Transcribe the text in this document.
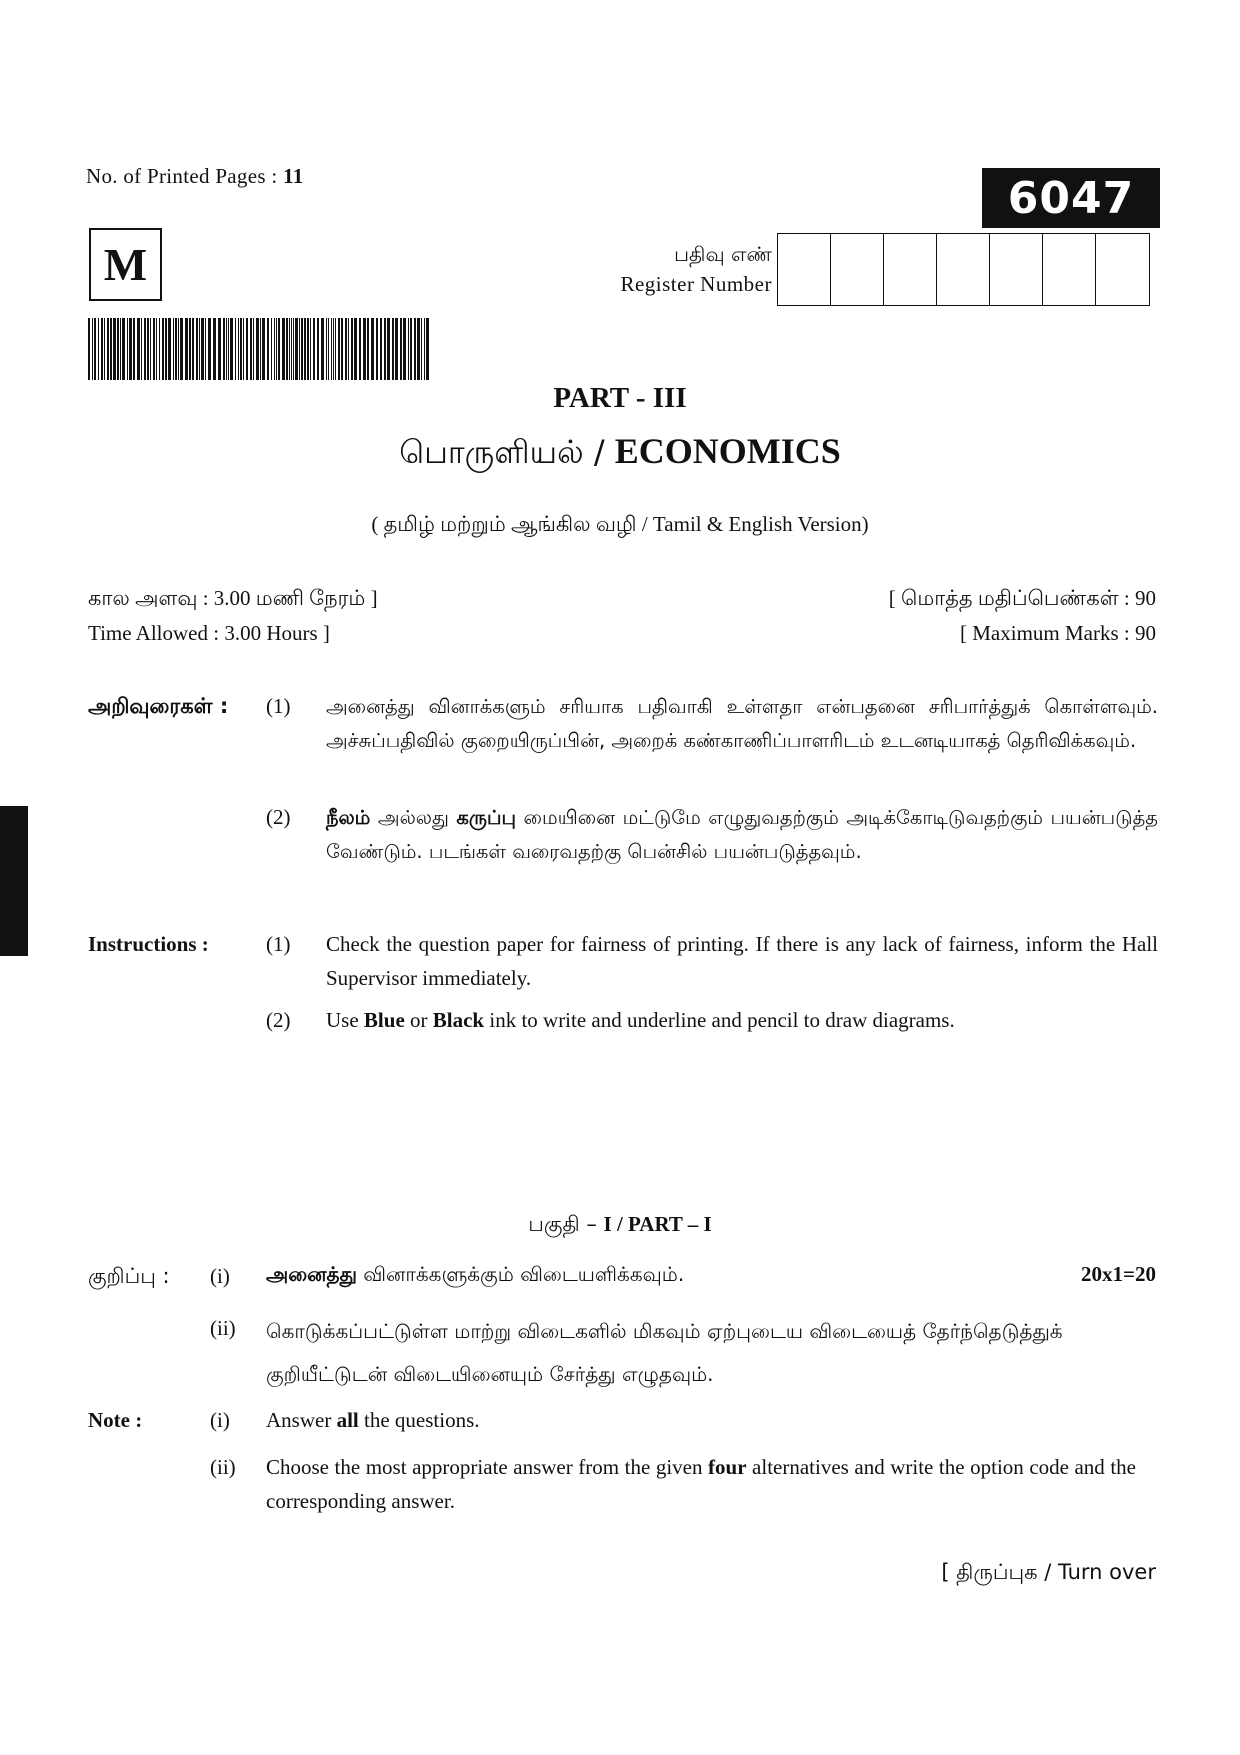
No. of Printed Pages : 11	6047
M	பதிவு எண்
Register Number
PART - III
பொருளியல் / ECONOMICS
( தமிழ் மற்றும் ஆங்கில வழி / Tamil & English Version)
கால அளவு : 3.00 மணி நேரம் ]
Time Allowed : 3.00 Hours ]
[ மொத்த மதிப்பெண்கள் : 90
[ Maximum Marks : 90
அறிவுரைகள் : (1) அனைத்து வினாக்களும் சரியாக பதிவாகி உள்ளதா என்பதனை சரிபார்த்துக் கொள்ளவும். அச்சுப்பதிவில் குறையிருப்பின், அறைக் கண்காணிப்பாளரிடம் உடனடியாகத் தெரிவிக்கவும்.
(2) நீலம் அல்லது கருப்பு மையினை மட்டுமே எழுதுவதற்கும் அடிக்கோடிடுவதற்கும் பயன்படுத்த வேண்டும். படங்கள் வரைவதற்கு பென்சில் பயன்படுத்தவும்.
Instructions :	(1) Check the question paper for fairness of printing. If there is any lack of fairness, inform the Hall Supervisor immediately.
(2) Use Blue or Black ink to write and underline and pencil to draw diagrams.
பகுதி – I / PART – I
குறிப்பு : (i) அனைத்து வினாக்களுக்கும் விடையளிக்கவும்.	20x1=20
(ii) கொடுக்கப்பட்டுள்ள மாற்று விடைகளில் மிகவும் ஏற்புடைய விடையைத் தேர்ந்தெடுத்துக் குறியீட்டுடன் விடையினையும் சேர்த்து எழுதவும்.
Note :	(i) Answer all the questions.
(ii) Choose the most appropriate answer from the given four alternatives and write the option code and the corresponding answer.
[ திருப்புக / Turn over
